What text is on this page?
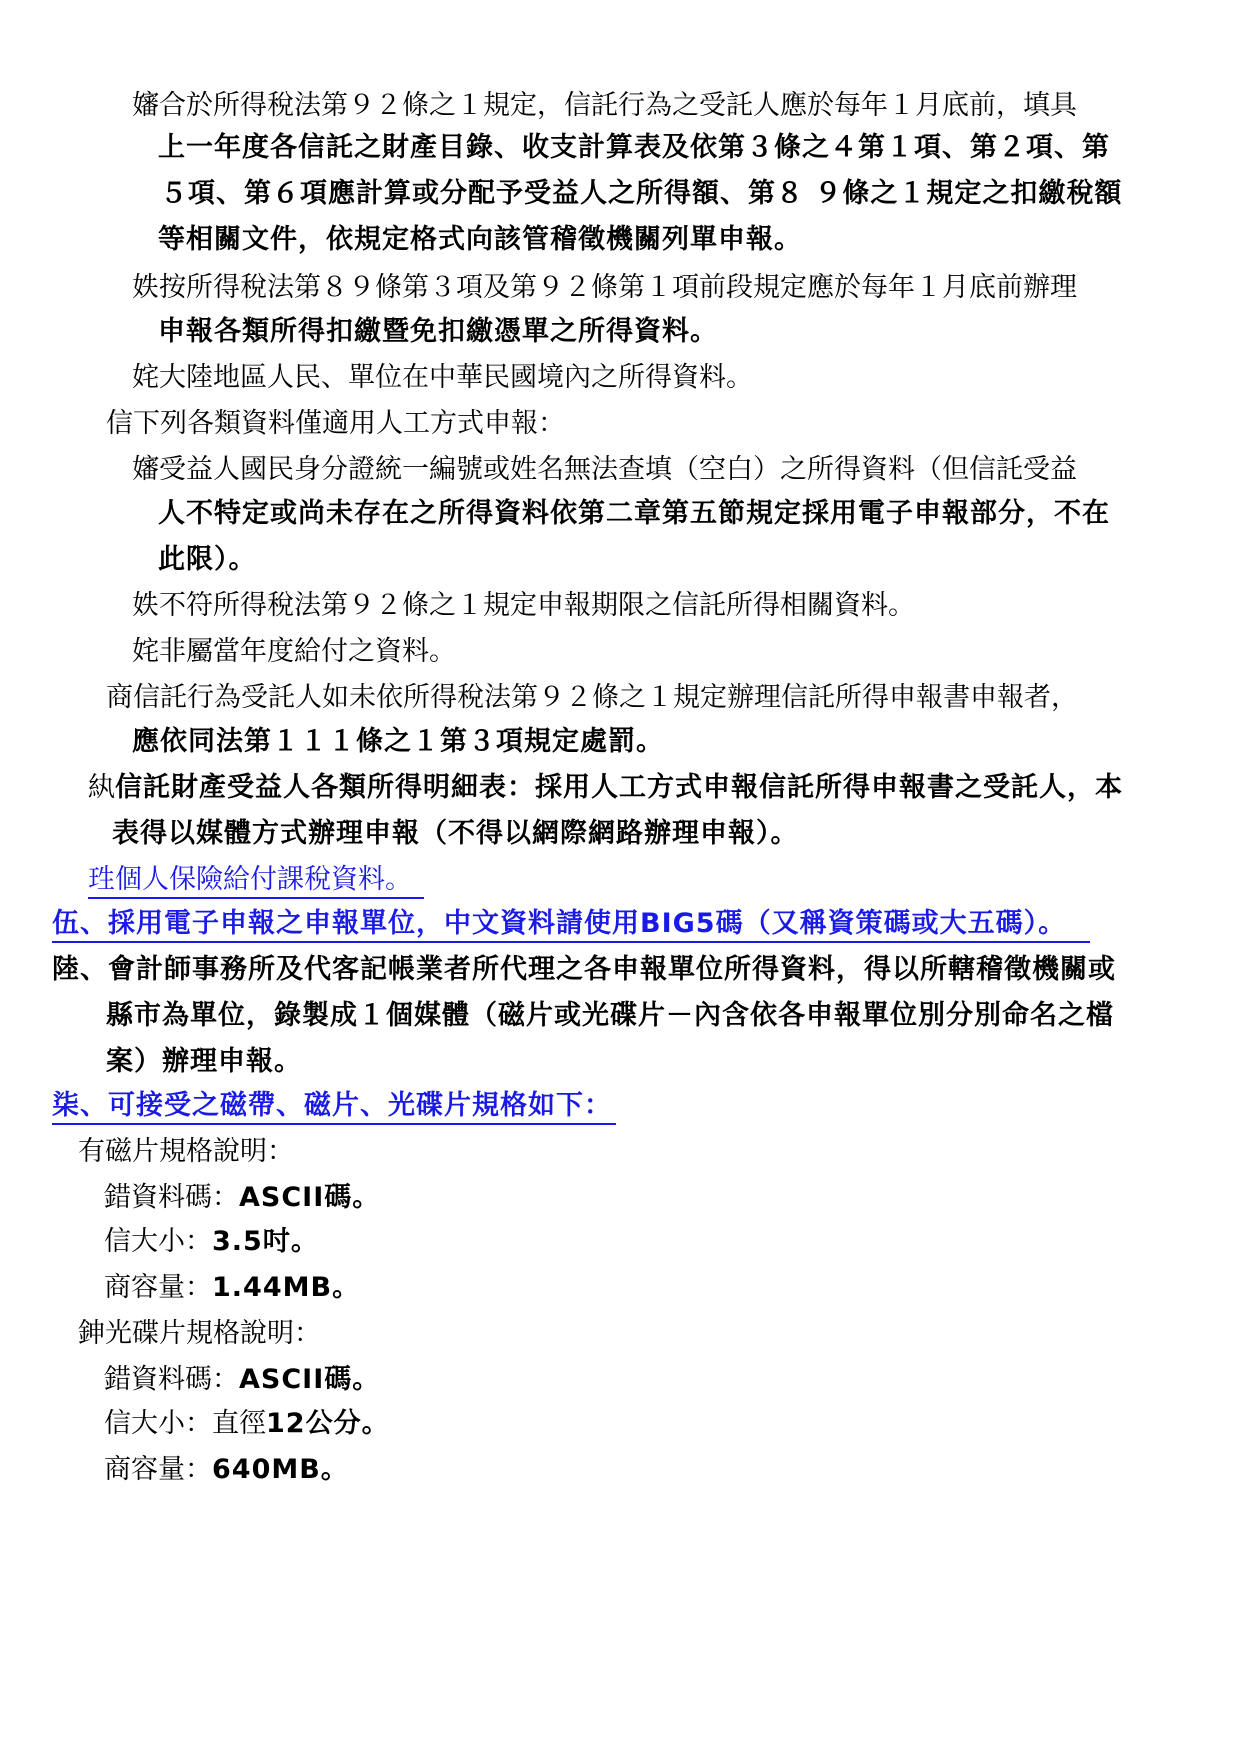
嬸合於所得稅法第９２條之１規定，信託行為之受託人應於每年１月底前，填具
上一年度各信託之財產目錄、收支計算表及依第３條之４第１項、第２項、第
５項、第６項應計算或分配予受益人之所得額、第８ ９條之１規定之扣繳稅額
等相關文件，依規定格式向該管稽徵機關列單申報。
妷按所得稅法第８９條第３項及第９２條第１項前段規定應於每年１月底前辦理
申報各類所得扣繳暨免扣繳憑單之所得資料。
姹大陸地區人民、單位在中華民國境內之所得資料。
信下列各類資料僅適用人工方式申報：
嬸受益人國民身分證統一編號或姓名無法查填（空白）之所得資料（但信託受益
人不特定或尚未存在之所得資料依第二章第五節規定採用電子申報部分，不在
此限）。
妷不符所得稅法第９２條之１規定申報期限之信託所得相關資料。
姹非屬當年度給付之資料。
商信託行為受託人如未依所得稅法第９２條之１規定辦理信託所得申報書申報者，
應依同法第１１１條之１第３項規定處罰。
紈信託財產受益人各類所得明細表：採用人工方式申報信託所得申報書之受託人，本
表得以媒體方式辦理申報（不得以網際網路辦理申報）。
珄個人保險給付課稅資料。
伍、採用電子申報之申報單位，中文資料請使用BIG5碼（又稱資策碼或大五碼）。
陸、會計師事務所及代客記帳業者所代理之各申報單位所得資料，得以所轄稽徵機關或
縣市為單位，錄製成１個媒體（磁片或光碟片－內含依各申報單位別分別命名之檔
案）辦理申報。
柒、可接受之磁帶、磁片、光碟片規格如下：
有磁片規格說明：
錯資料碼：ASCII碼。
信大小：3.5吋。
商容量：1.44MB。
鉮光碟片規格說明：
錯資料碼：ASCII碼。
信大小：直徑12公分。
商容量：640MB。
